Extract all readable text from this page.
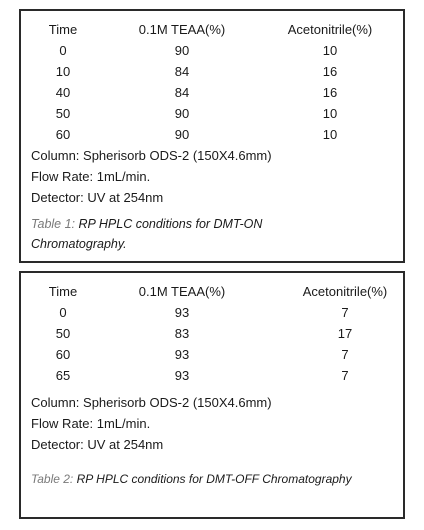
Time	0.1M TEAA(%)	Acetonitrile(%)
0	90	10
10	84	16
40	84	16
50	90	10
60	90	10
Column: Spherisorb ODS-2 (150X4.6mm)
Flow Rate: 1mL/min.
Detector: UV at 254nm
Table 1: RP HPLC conditions for DMT-ON
Chromatography.
Time	0.1M TEAA(%)	Acetonitrile(%)
0	93	7
50	83	17
60	93	7
65	93	7
Column: Spherisorb ODS-2 (150X4.6mm)
Flow Rate: 1mL/min.
Detector: UV at 254nm
Table 2: RP HPLC conditions for DMT-OFF Chromatography
